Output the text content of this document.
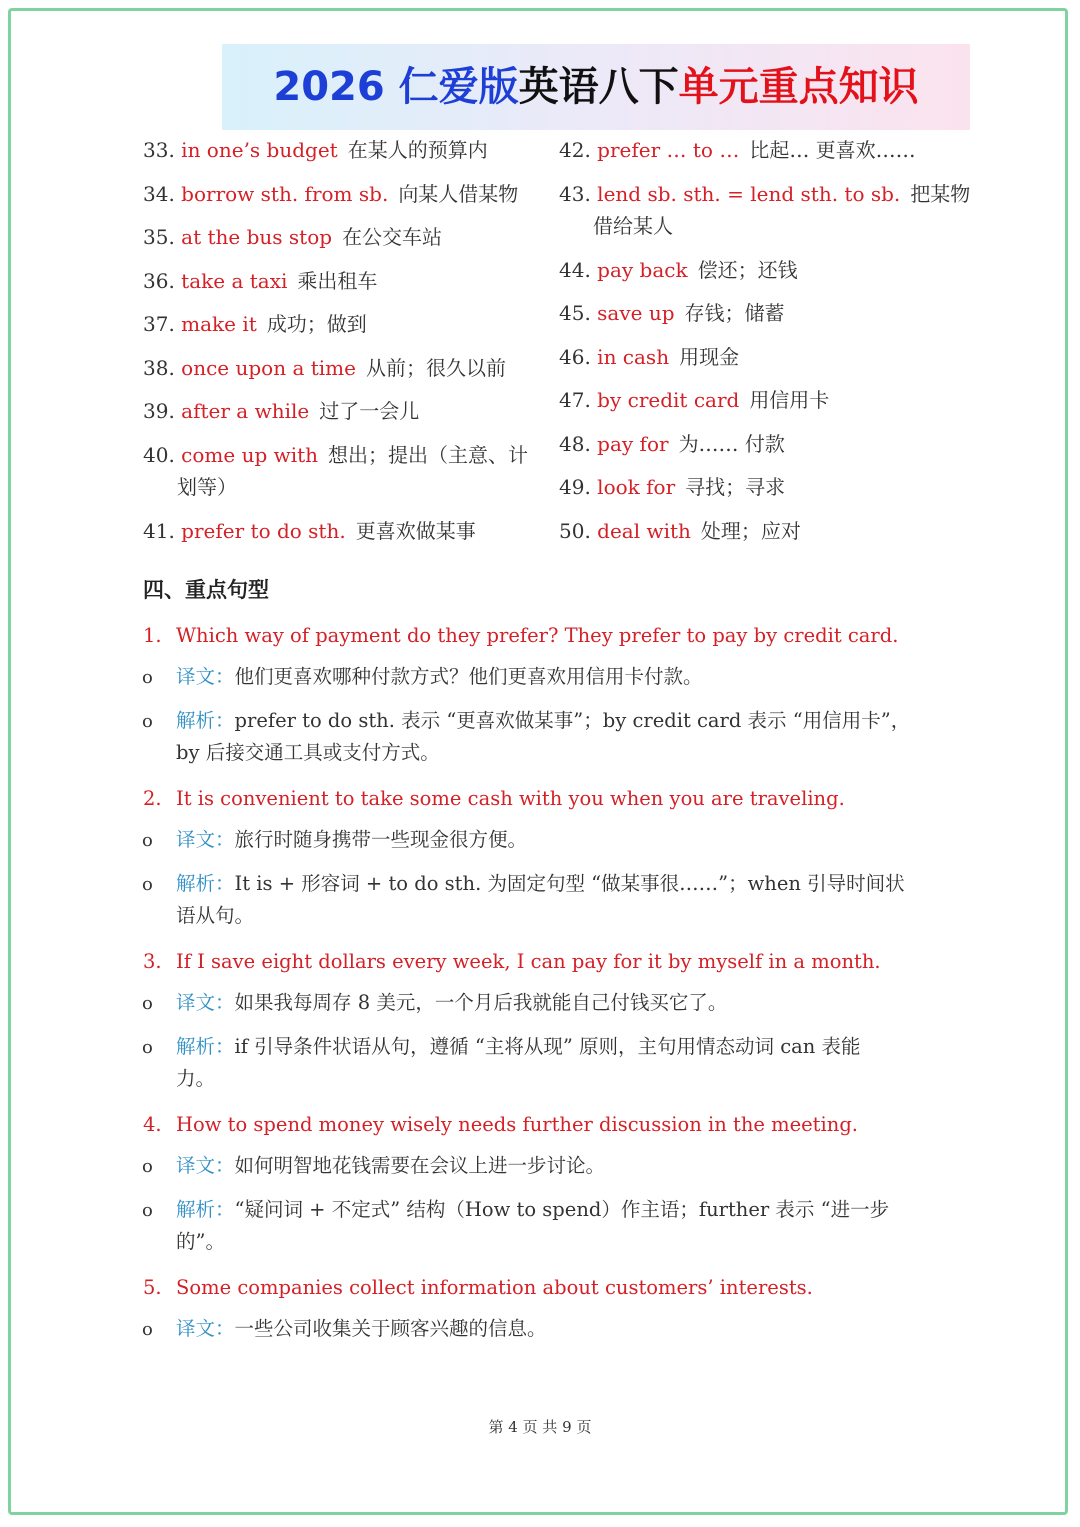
2026 仁爱版英语八下单元重点知识
33. in one’s budget 在某人的预算内
34. borrow sth. from sb. 向某人借某物
35. at the bus stop 在公交车站
36. take a taxi 乘出租车
37. make it 成功；做到
38. once upon a time 从前；很久以前
39. after a while 过了一会儿
40. come up with 想出；提出（主意、计
划等）
41. prefer to do sth. 更喜欢做某事
42. prefer … to … 比起… 更喜欢……
43. lend sb. sth. = lend sth. to sb. 把某物
借给某人
44. pay back 偿还；还钱
45. save up 存钱；储蓄
46. in cash 用现金
47. by credit card 用信用卡
48. pay for 为…… 付款
49. look for 寻找；寻求
50. deal with 处理；应对
四、重点句型
1. Which way of payment do they prefer? They prefer to pay by credit card.
o 译文：他们更喜欢哪种付款方式？他们更喜欢用信用卡付款。
o 解析：prefer to do sth. 表示 “更喜欢做某事”；by credit card 表示 “用信用卡”，
by 后接交通工具或支付方式。
2. It is convenient to take some cash with you when you are traveling.
o 译文：旅行时随身携带一些现金很方便。
o 解析：It is + 形容词 + to do sth. 为固定句型 “做某事很……”；when 引导时间状
语从句。
3. If I save eight dollars every week, I can pay for it by myself in a month.
o 译文：如果我每周存 8 美元，一个月后我就能自己付钱买它了。
o 解析：if 引导条件状语从句，遵循 “主将从现” 原则，主句用情态动词 can 表能
力。
4. How to spend money wisely needs further discussion in the meeting.
o 译文：如何明智地花钱需要在会议上进一步讨论。
o 解析：“疑问词 + 不定式” 结构（How to spend）作主语；further 表示 “进一步
的”。
5. Some companies collect information about customers’ interests.
o 译文：一些公司收集关于顾客兴趣的信息。
第 4 页 共 9 页
